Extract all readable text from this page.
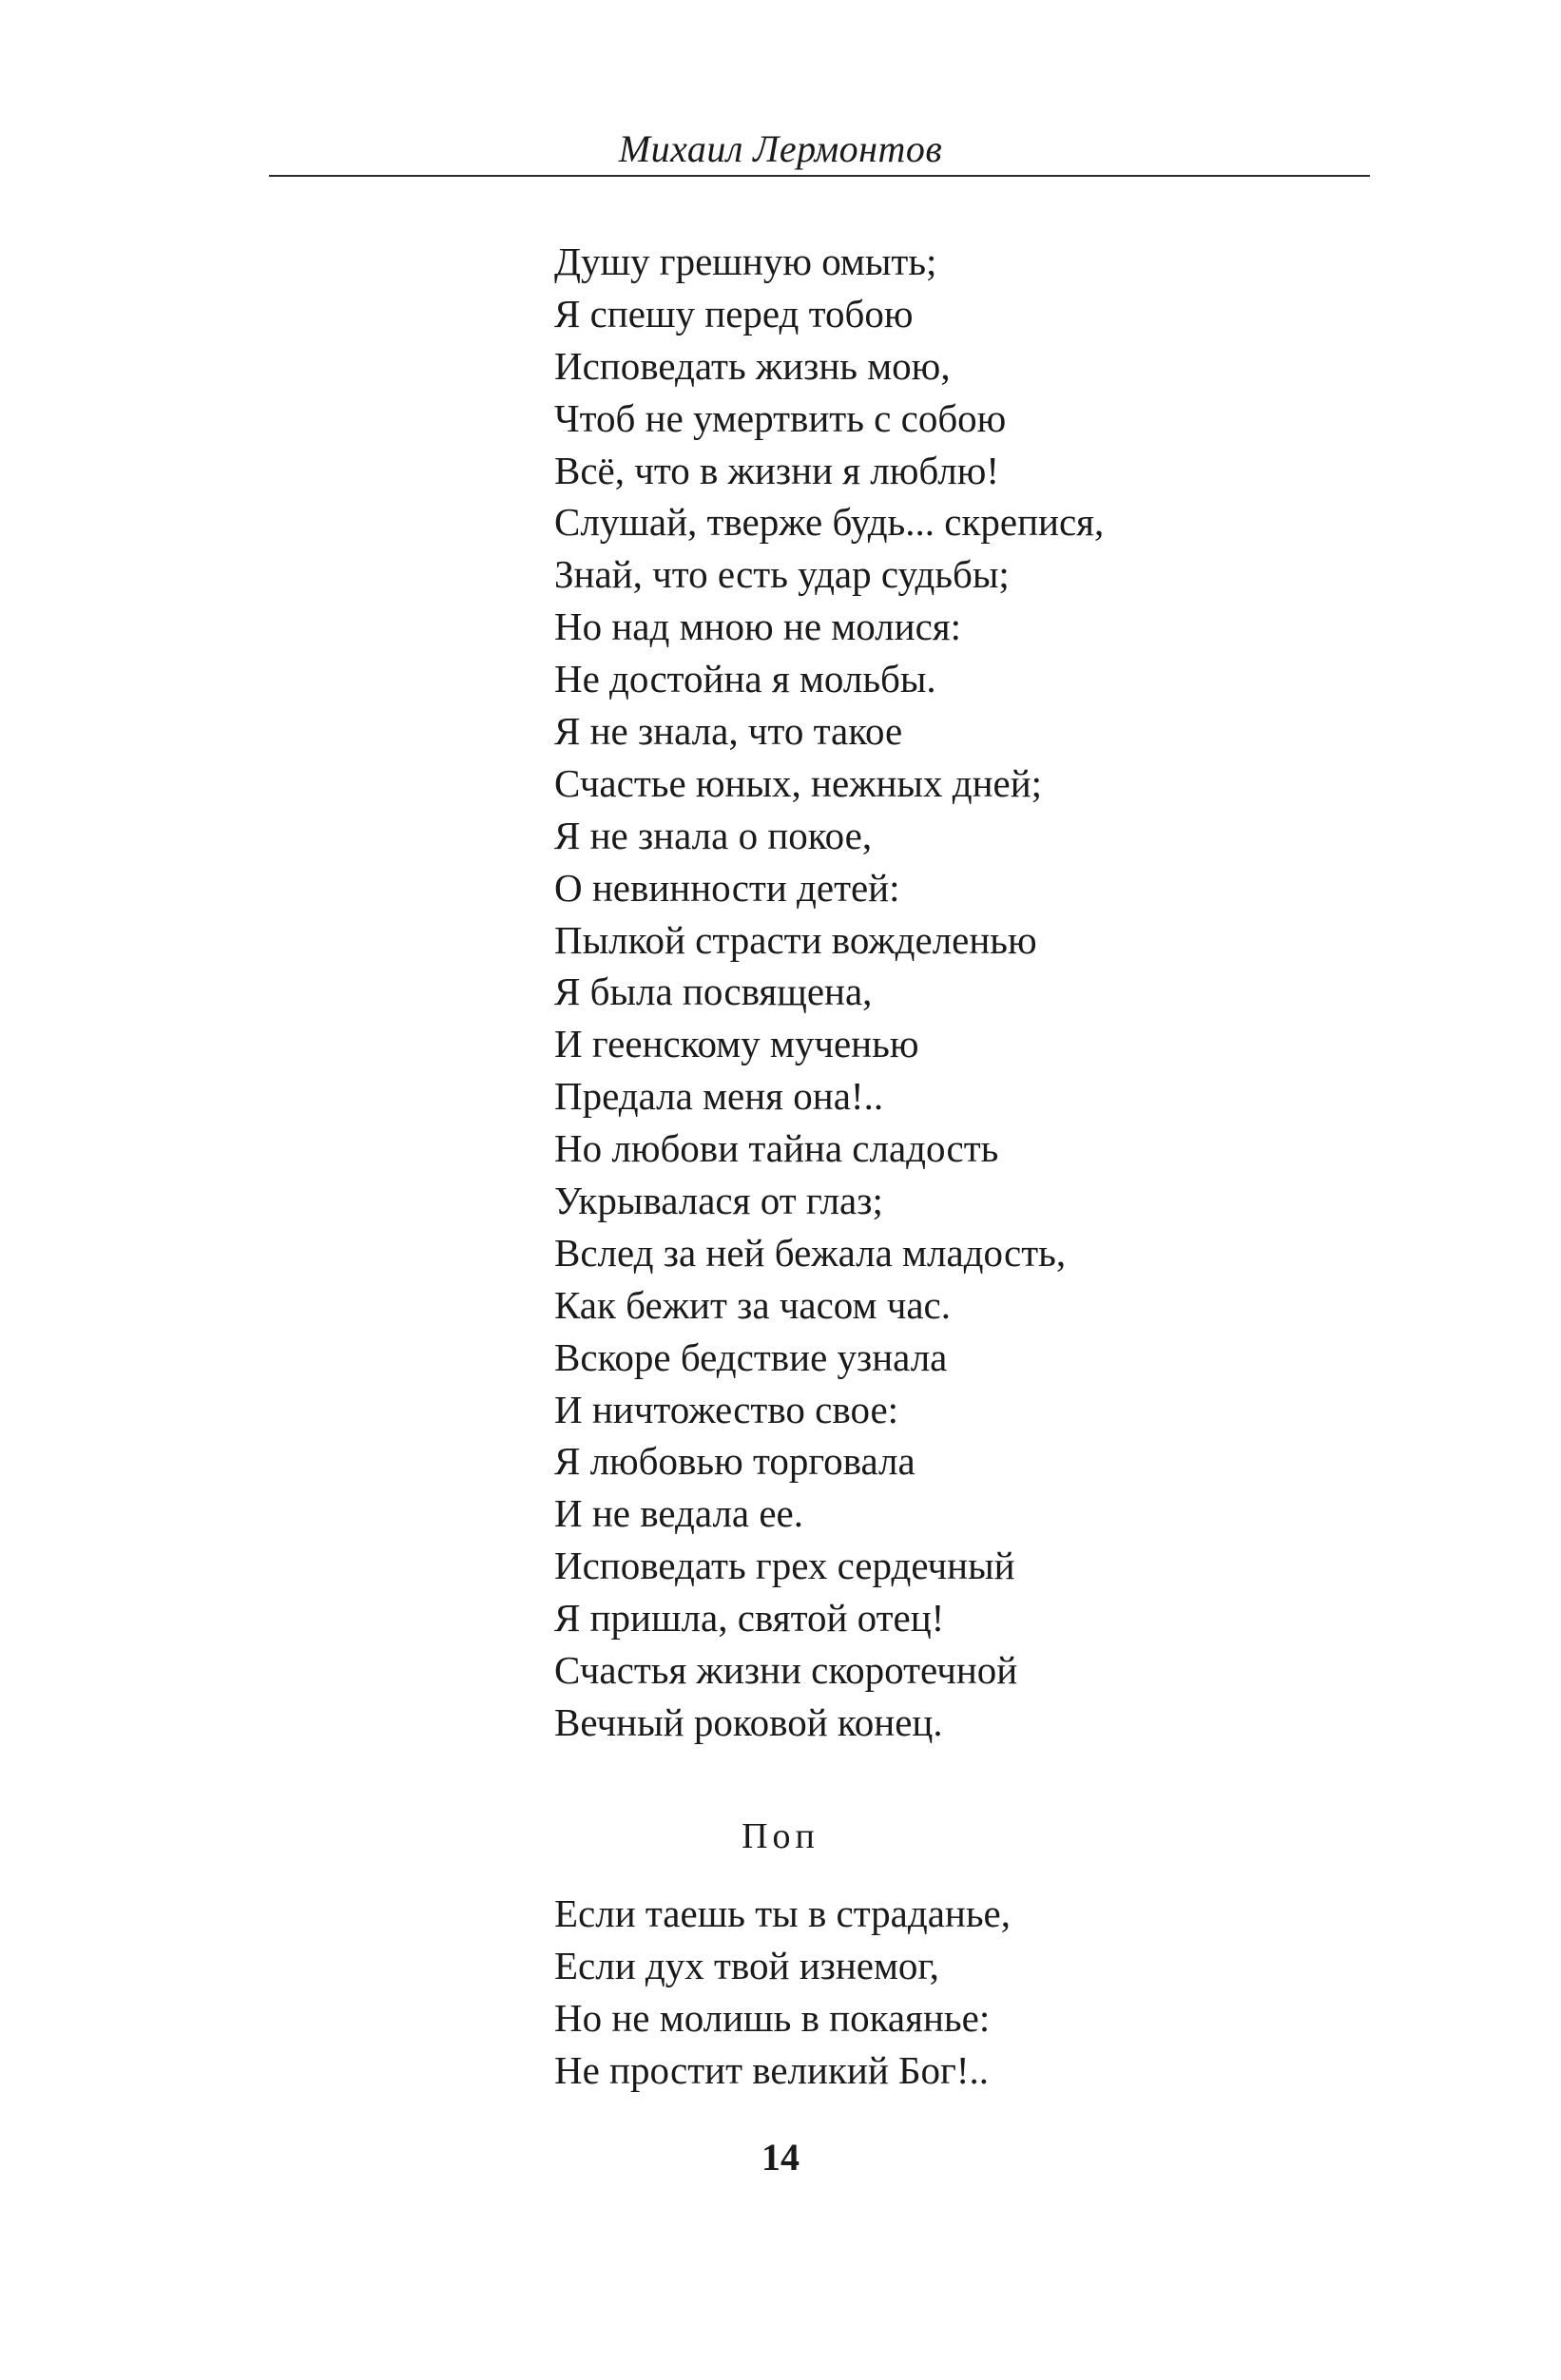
Михаил Лермонтов
Душу грешную омыть;
Я спешу перед тобою
Исповедать жизнь мою,
Чтоб не умертвить с собою
Всё, что в жизни я люблю!
Слушай, тверже будь... скрепися,
Знай, что есть удар судьбы;
Но над мною не молися:
Не достойна я мольбы.
Я не знала, что такое
Счастье юных, нежных дней;
Я не знала о покое,
О невинности детей:
Пылкой страсти вожделенью
Я была посвящена,
И геенскому мученью
Предала меня она!..
Но любови тайна сладость
Укрывалася от глаз;
Вслед за ней бежала младость,
Как бежит за часом час.
Вскоре бедствие узнала
И ничтожество свое:
Я любовью торговала
И не ведала ее.
Исповедать грех сердечный
Я пришла, святой отец!
Счастья жизни скоротечной
Вечный роковой конец.
Поп
Если таешь ты в страданье,
Если дух твой изнемог,
Но не молишь в покаянье:
Не простит великий Бог!..
14
